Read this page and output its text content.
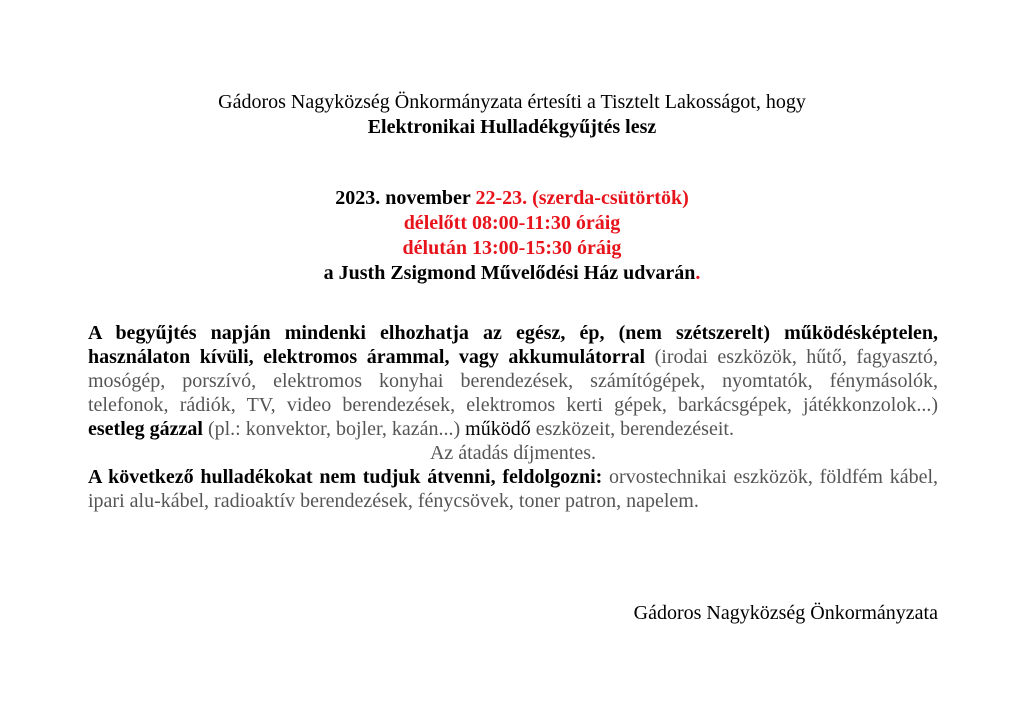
Gádoros Nagyközség Önkormányzata értesíti a Tisztelt Lakosságot, hogy
Elektronikai Hulladékgyűjtés lesz
2023. november 22-23. (szerda-csütörtök)
délelőtt 08:00-11:30 óráig
délután 13:00-15:30 óráig
a Justh Zsigmond Művelődési Ház udvarán.

A begyűjtés napján mindenki elhozhatja az egész, ép, (nem szétszerelt) működésképtelen, használaton kívüli, elektromos árammal, vagy akkumulátorral (irodai eszközök, hűtő, fagyasztó, mosógép, porszívó, elektromos konyhai berendezések, számítógépek, nyomtatók, fénymásolók, telefonok, rádiók, TV, video berendezések, elektromos kerti gépek, barkácsgépek, játékkonzolok...) esetleg gázzal (pl.: konvektor, bojler, kazán...) működő eszközeit, berendezéseit.

Az átadás díjmentes.

A következő hulladékokat nem tudjuk átvenni, feldolgozni: orvostechnikai eszközök, földfém kábel, ipari alu-kábel, radioaktív berendezések, fénycsövek, toner patron, napelem.

Gádoros Nagyközség Önkormányzata
